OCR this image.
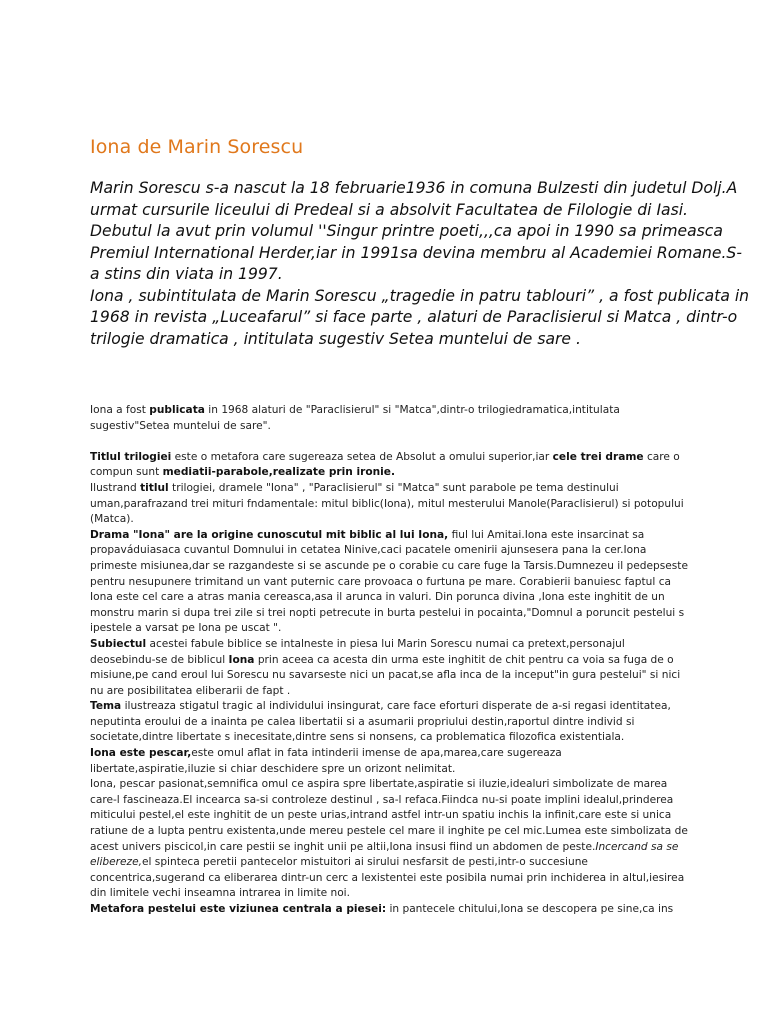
Iona de Marin Sorescu

Marin Sorescu s-a nascut la 18 februarie1936 in comuna Bulzesti din judetul Dolj.A urmat cursurile liceului di Predeal si a absolvit Facultatea de Filologie di Iasi. Debutul la avut prin volumul ''Singur printre poeti,,,ca apoi in 1990 sa primeasca Premiul International Herder,iar in 1991sa devina membru al Academiei Romane.S-a stins din viata in 1997.

Iona , subintitulata de Marin Sorescu „tragedie in patru tablouri” , a fost publicata in 1968 in revista „Luceafarul” si face parte , alaturi de Paraclisierul si Matca , dintr-o trilogie dramatica , intitulata sugestiv Setea muntelui de sare .

Iona a fost publicata in 1968 alaturi de "Paraclisierul" si "Matca",dintr-o trilogiedramatica,intitulata sugestiv"Setea muntelui de sare".

Titlul trilogiei este o metafora care sugereaza setea de Absolut a omului superior,iar cele trei drame care o compun sunt mediatii-parabole,realizate prin ironie.

Ilustrand titlul trilogiei, dramele "Iona" , "Paraclisierul" si "Matca" sunt parabole pe tema destinului uman,parafrazand trei mituri fndamentale: mitul biblic(Iona), mitul mesterului Manole(Paraclisierul) si potopului (Matca).

Drama "Iona" are la origine cunoscutul mit biblic al lui Iona, fiul lui Amitai.Iona este insarcinat sa propaváduiasaca cuvantul Domnului in cetatea Ninive,caci pacatele omenirii ajunsesera pana la cer.Iona primeste misiunea,dar se razgandeste si se ascunde pe o corabie cu care fuge la Tarsis.Dumnezeu il pedepseste pentru nesupunere trimitand un vant puternic care provoaca o furtuna pe mare. Corabierii banuiesc faptul ca Iona este cel care a atras mania cereasca,asa il arunca in valuri. Din porunca divina ,Iona este inghitit de un monstru marin si dupa trei zile si trei nopti petrecute in burta pestelui in pocainta,"Domnul a poruncit pestelui s ipestele a varsat pe Iona pe uscat ".

Subiectul acestei fabule biblice se intalneste in piesa lui Marin Sorescu numai ca pretext,personajul deosebindu-se de biblicul Iona prin aceea ca acesta din urma este inghitit de chit pentru ca voia sa fuga de o misiune,pe cand eroul lui Sorescu nu savarseste nici un pacat,se afla inca de la inceput"in gura pestelui" si nici nu are posibilitatea eliberarii de fapt .

Tema ilustreaza stigatul tragic al individului insingurat, care face eforturi disperate de a-si regasi identitatea, neputinta eroului de a inainta pe calea libertatii si a asumarii propriului destin,raportul dintre individ si societate,dintre libertate s inecesitate,dintre sens si nonsens, ca problematica filozofica existentiala.

Iona este pescar,este omul aflat in fata intinderii imense de apa,marea,care sugereaza libertate,aspiratie,iluzie si chiar deschidere spre un orizont nelimitat.

Iona, pescar pasionat,semnifica omul ce aspira spre libertate,aspiratie si iluzie,idealuri simbolizate de marea care-l fascineaza.El incearca sa-si controleze destinul , sa-l refaca.Fiindca nu-si poate implini idealul,prinderea miticului pestel,el este inghitit de un peste urias,intrand astfel intr-un spatiu inchis la infinit,care este si unica ratiune de a lupta pentru existenta,unde mereu pestele cel mare il inghite pe cel mic.Lumea este simbolizata de acest univers piscicol,in care pestii se inghit unii pe altii,Iona insusi fiind un abdomen de peste.Incercand sa se elibereze,el spinteca peretii pantecelor mistuitori ai sirului nesfarsit de pesti,intr-o succesiune concentrica,sugerand ca eliberarea dintr-un cerc a lexistentei este posibila numai prin inchiderea in altul,iesirea din limitele vechi inseamna intrarea in limite noi.

Metafora pestelui este viziunea centrala a piesei: in pantecele chitului,Iona se descopera pe sine,ca ins
